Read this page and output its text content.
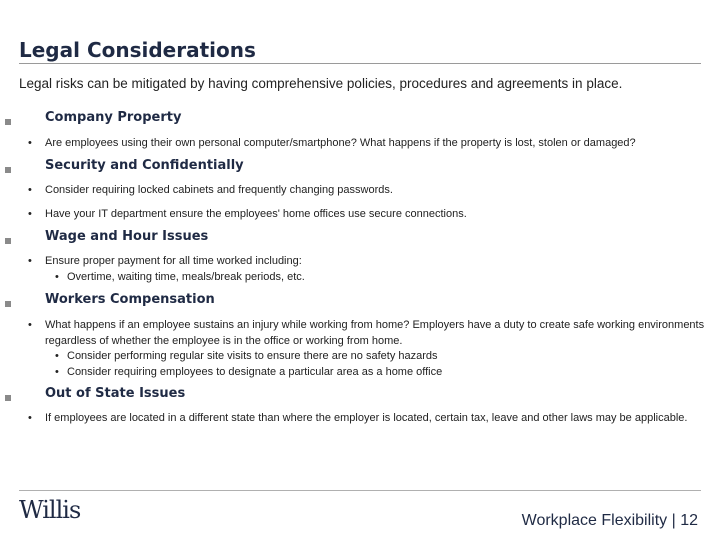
Legal Considerations
Legal risks can be mitigated by having comprehensive policies, procedures and agreements in place.
Company Property
• Are employees using their own personal computer/smartphone? What happens if the property is lost, stolen or damaged?
Security and Confidentially
• Consider requiring locked cabinets and frequently changing passwords.
• Have your IT department ensure the employees' home offices use secure connections.
Wage and Hour Issues
• Ensure proper payment for all time worked including:
• Overtime, waiting time, meals/break periods, etc.
Workers Compensation
• What happens if an employee sustains an injury while working from home? Employers have a duty to create safe working environments regardless of whether the employee is in the office or working from home.
• Consider performing regular site visits to ensure there are no safety hazards
• Consider requiring employees to designate a particular area as a home office
Out of State Issues
• If employees are located in a different state than where the employer is located, certain tax, leave and other laws may be applicable.
Willis	Workplace Flexibility | 12
